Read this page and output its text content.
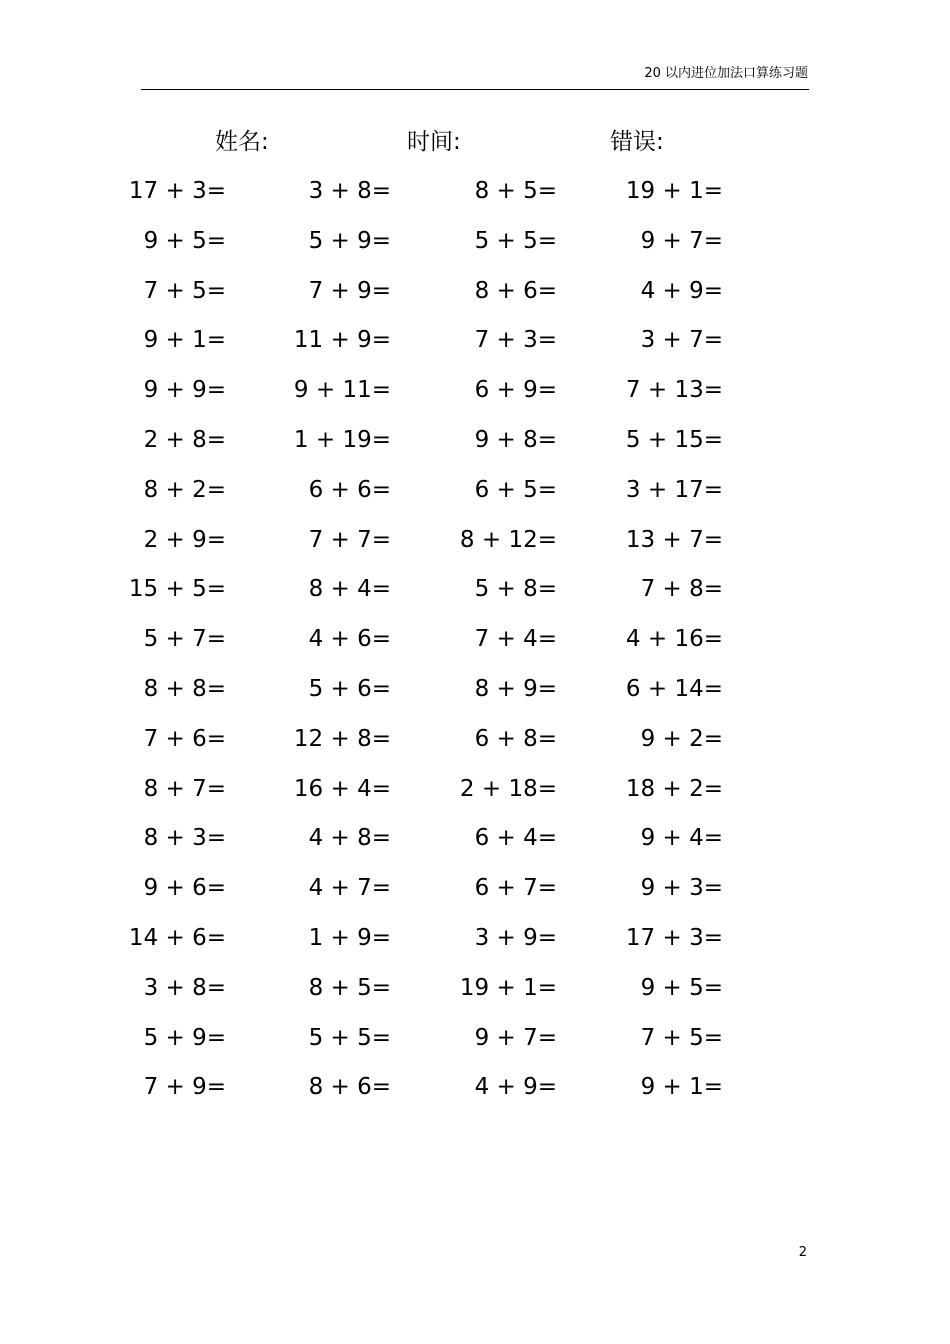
20 以内进位加法口算练习题
姓名:	时间:	错误:
17 + 3=	3 + 8=	8 + 5=	19 + 1=
9 + 5=	5 + 9=	5 + 5=	9 + 7=
7 + 5=	7 + 9=	8 + 6=	4 + 9=
9 + 1=	11 + 9=	7 + 3=	3 + 7=
9 + 9=	9 + 11=	6 + 9=	7 + 13=
2 + 8=	1 + 19=	9 + 8=	5 + 15=
8 + 2=	6 + 6=	6 + 5=	3 + 17=
2 + 9=	7 + 7=	8 + 12=	13 + 7=
15 + 5=	8 + 4=	5 + 8=	7 + 8=
5 + 7=	4 + 6=	7 + 4=	4 + 16=
8 + 8=	5 + 6=	8 + 9=	6 + 14=
7 + 6=	12 + 8=	6 + 8=	9 + 2=
8 + 7=	16 + 4=	2 + 18=	18 + 2=
8 + 3=	4 + 8=	6 + 4=	9 + 4=
9 + 6=	4 + 7=	6 + 7=	9 + 3=
14 + 6=	1 + 9=	3 + 9=	17 + 3=
3 + 8=	8 + 5=	19 + 1=	9 + 5=
5 + 9=	5 + 5=	9 + 7=	7 + 5=
7 + 9=	8 + 6=	4 + 9=	9 + 1=
2
